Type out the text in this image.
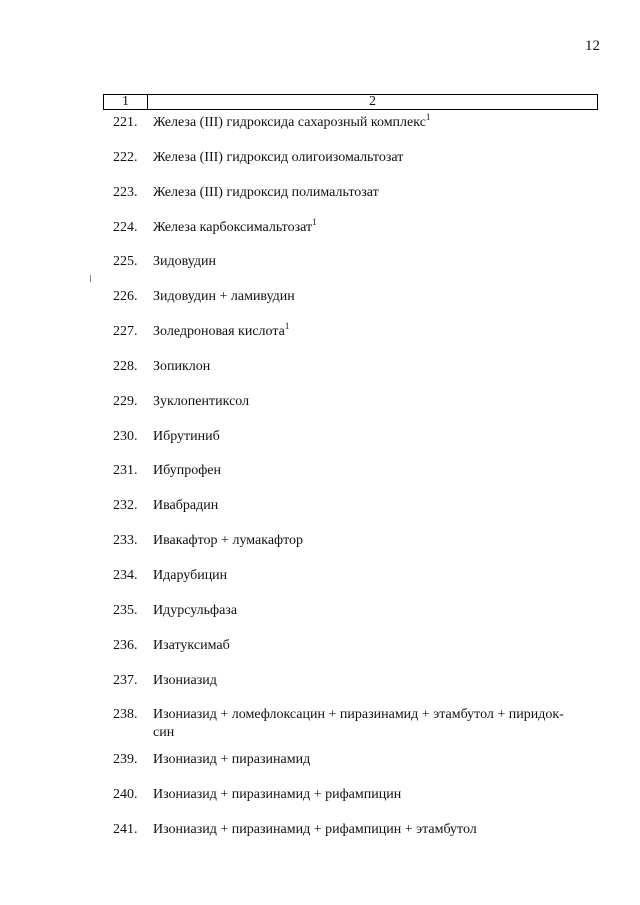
12
1	2
221. Железа (III) гидроксида сахарозный комплекс$^1$
222. Железа (III) гидроксид олигоизомальтозат
223. Железа (III) гидроксид полимальтозат
224. Железа карбоксимальтозат$^1$
225. Зидовудин
226. Зидовудин + ламивудин
227. Золедроновая кислота$^1$
228. Зопиклон
229. Зуклопентиксол
230. Ибрутиниб
231. Ибупрофен
232. Ивабрадин
233. Ивакафтор + лумакафтор
234. Идарубицин
235. Идурсульфаза
236. Изатуксимаб
237. Изониазид
238. Изониазид + ломефлоксацин + пиразинамид + этамбутол + пиридок-
син
239. Изониазид + пиразинамид
240. Изониазид + пиразинамид + рифампицин
241. Изониазид + пиразинамид + рифампицин + этамбутол
